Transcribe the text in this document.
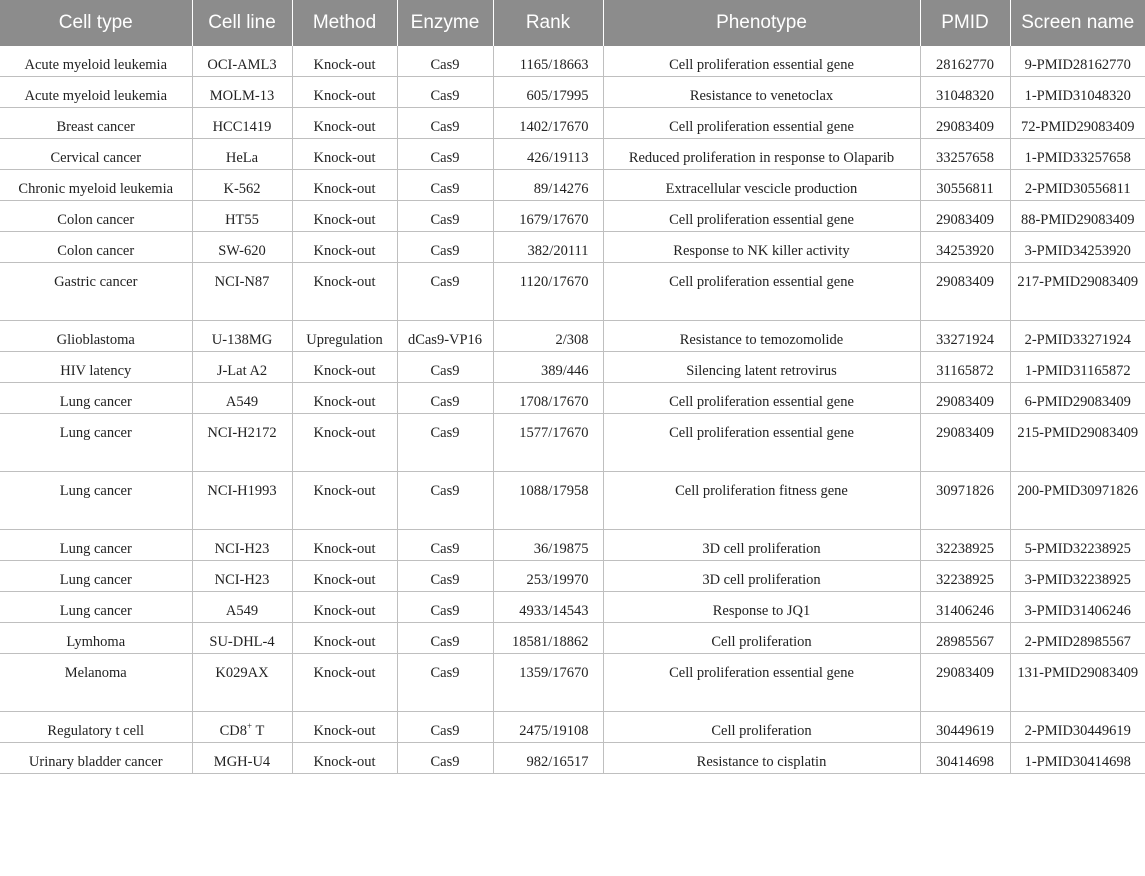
Cell type	Cell line	Method	Enzyme	Rank	Phenotype	PMID	Screen name
Acute myeloid leukemia	OCI-AML3	Knock-out	Cas9	1165/18663	Cell proliferation essential gene	28162770	9-PMID28162770
Acute myeloid leukemia	MOLM-13	Knock-out	Cas9	605/17995	Resistance to venetoclax	31048320	1-PMID31048320
Breast cancer	HCC1419	Knock-out	Cas9	1402/17670	Cell proliferation essential gene	29083409	72-PMID29083409
Cervical cancer	HeLa	Knock-out	Cas9	426/19113	Reduced proliferation in response to Olaparib	33257658	1-PMID33257658
Chronic myeloid leukemia	K-562	Knock-out	Cas9	89/14276	Extracellular vescicle production	30556811	2-PMID30556811
Colon cancer	HT55	Knock-out	Cas9	1679/17670	Cell proliferation essential gene	29083409	88-PMID29083409
Colon cancer	SW-620	Knock-out	Cas9	382/20111	Response to NK killer activity	34253920	3-PMID34253920
Gastric cancer	NCI-N87	Knock-out	Cas9	1120/17670	Cell proliferation essential gene	29083409	217-PMID29083409
Glioblastoma	U-138MG	Upregulation	dCas9-VP16	2/308	Resistance to temozomolide	33271924	2-PMID33271924
HIV latency	J-Lat A2	Knock-out	Cas9	389/446	Silencing latent retrovirus	31165872	1-PMID31165872
Lung cancer	A549	Knock-out	Cas9	1708/17670	Cell proliferation essential gene	29083409	6-PMID29083409
Lung cancer	NCI-H2172	Knock-out	Cas9	1577/17670	Cell proliferation essential gene	29083409	215-PMID29083409
Lung cancer	NCI-H1993	Knock-out	Cas9	1088/17958	Cell proliferation fitness gene	30971826	200-PMID30971826
Lung cancer	NCI-H23	Knock-out	Cas9	36/19875	3D cell proliferation	32238925	5-PMID32238925
Lung cancer	NCI-H23	Knock-out	Cas9	253/19970	3D cell proliferation	32238925	3-PMID32238925
Lung cancer	A549	Knock-out	Cas9	4933/14543	Response to JQ1	31406246	3-PMID31406246
Lymhoma	SU-DHL-4	Knock-out	Cas9	18581/18862	Cell proliferation	28985567	2-PMID28985567
Melanoma	K029AX	Knock-out	Cas9	1359/17670	Cell proliferation essential gene	29083409	131-PMID29083409
Regulatory t cell	CD8+ T	Knock-out	Cas9	2475/19108	Cell proliferation	30449619	2-PMID30449619
Urinary bladder cancer	MGH-U4	Knock-out	Cas9	982/16517	Resistance to cisplatin	30414698	1-PMID30414698
